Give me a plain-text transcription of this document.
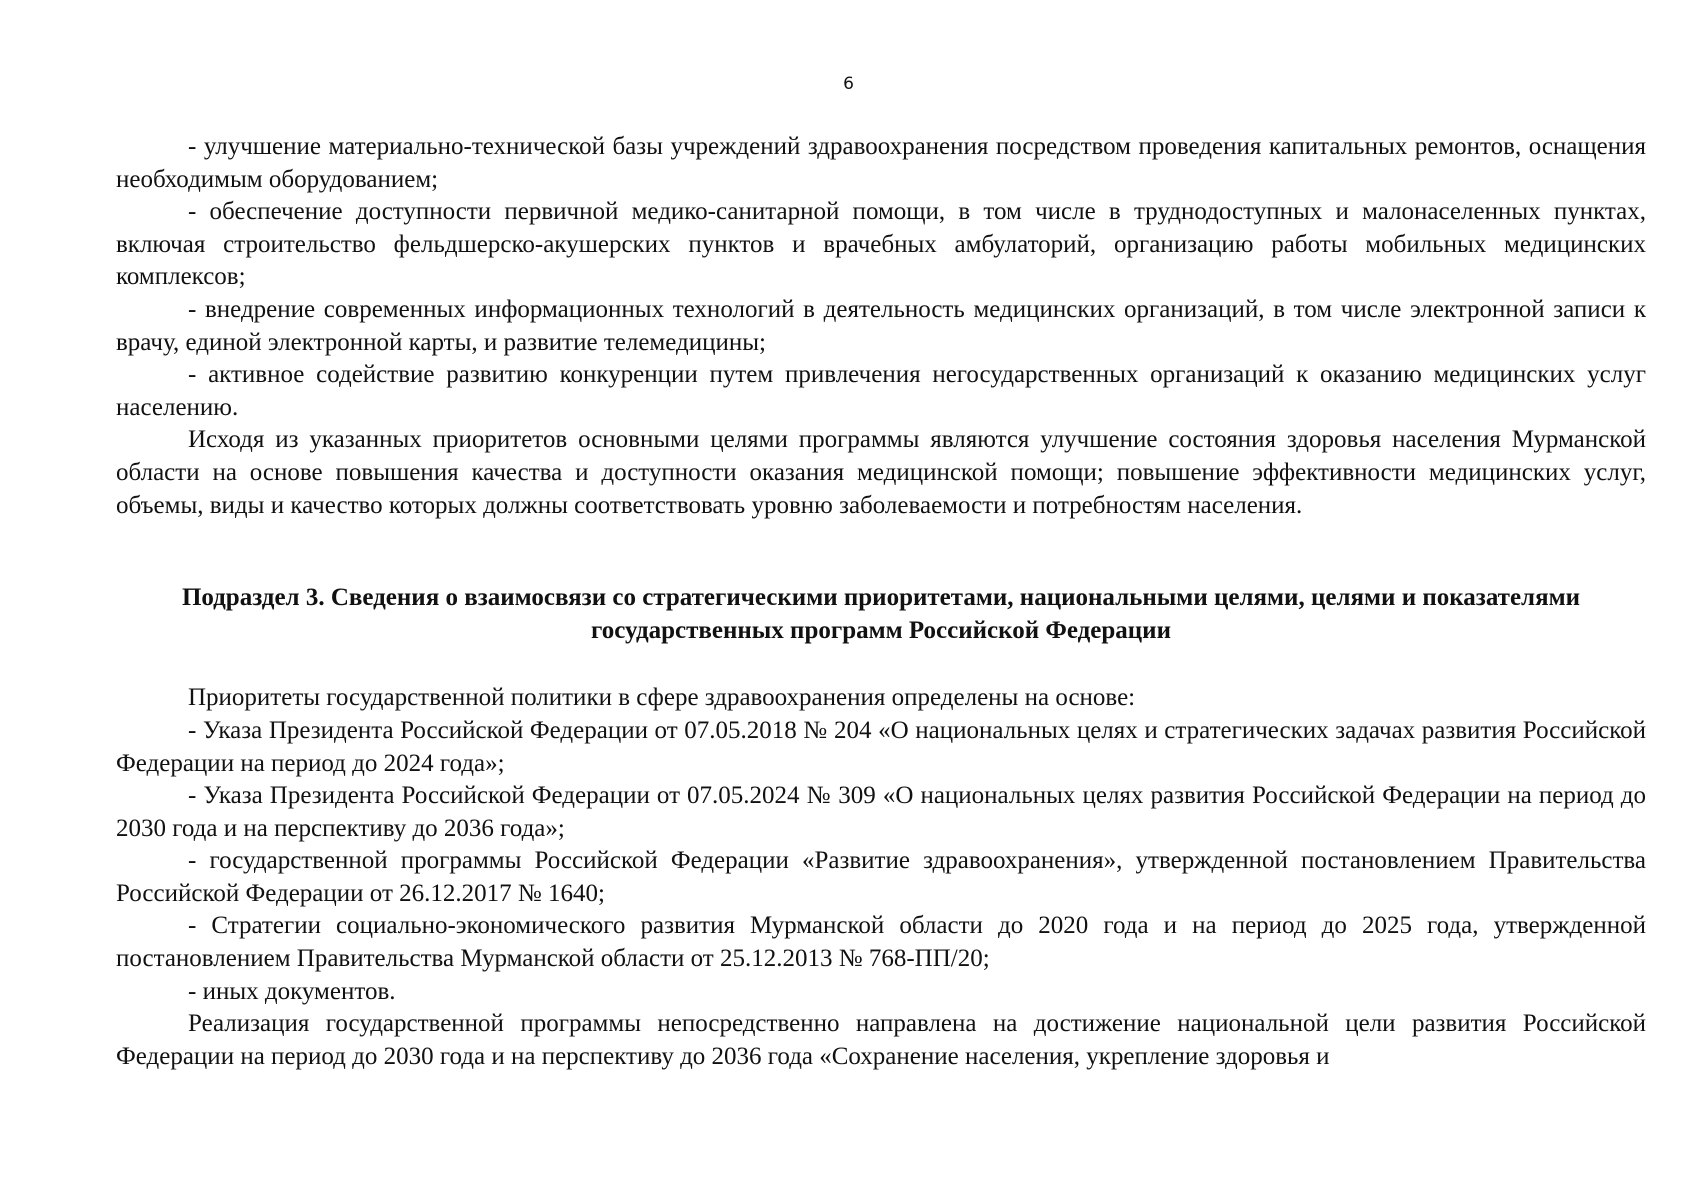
6

- улучшение материально-технической базы учреждений здравоохранения посредством проведения капитальных ремонтов, оснащения необходимым оборудованием;

- обеспечение доступности первичной медико-санитарной помощи, в том числе в труднодоступных и малонаселенных пунктах, включая строительство фельдшерско-акушерских пунктов и врачебных амбулаторий, организацию работы мобильных медицинских комплексов;

- внедрение современных информационных технологий в деятельность медицинских организаций, в том числе электронной записи к врачу, единой электронной карты, и развитие телемедицины;

- активное содействие развитию конкуренции путем привлечения негосударственных организаций к оказанию медицинских услуг населению.

Исходя из указанных приоритетов основными целями программы являются улучшение состояния здоровья населения Мурманской области на основе повышения качества и доступности оказания медицинской помощи; повышение эффективности медицинских услуг, объемы, виды и качество которых должны соответствовать уровню заболеваемости и потребностям населения.

Подраздел 3. Сведения о взаимосвязи со стратегическими приоритетами, национальными целями, целями и показателями государственных программ Российской Федерации

Приоритеты государственной политики в сфере здравоохранения определены на основе:

- Указа Президента Российской Федерации от 07.05.2018 № 204 «О национальных целях и стратегических задачах развития Российской Федерации на период до 2024 года»;

- Указа Президента Российской Федерации от 07.05.2024 № 309 «О национальных целях развития Российской Федерации на период до 2030 года и на перспективу до 2036 года»;

- государственной программы Российской Федерации «Развитие здравоохранения», утвержденной постановлением Правительства Российской Федерации от 26.12.2017 № 1640;

- Стратегии социально-экономического развития Мурманской области до 2020 года и на период до 2025 года, утвержденной постановлением Правительства Мурманской области от 25.12.2013 № 768-ПП/20;

- иных документов.

Реализация государственной программы непосредственно направлена на достижение национальной цели развития Российской Федерации на период до 2030 года и на перспективу до 2036 года «Сохранение населения, укрепление здоровья и
